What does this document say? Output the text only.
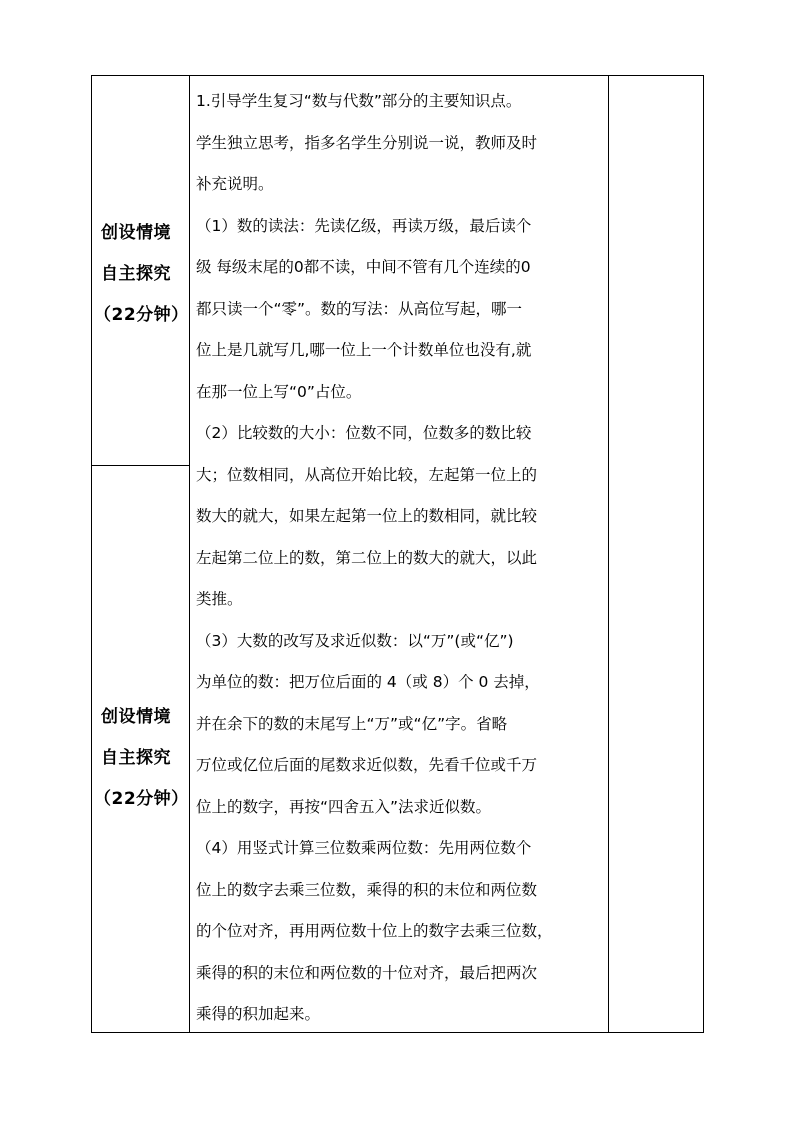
创设情境
自主探究
（22分钟）
创设情境
自主探究
（22分钟）

1.引导学生复习“数与代数”部分的主要知识点。

学生独立思考，指多名学生分别说一说，教师及时

补充说明。

（1）数的读法：先读亿级，再读万级，最后读个

级 每级末尾的0都不读，中间不管有几个连续的0

都只读一个“零”。数的写法：从高位写起，哪一

位上是几就写几,哪一位上一个计数单位也没有,就

在那一位上写“0”占位。

（2）比较数的大小：位数不同，位数多的数比较

大；位数相同，从高位开始比较，左起第一位上的

数大的就大，如果左起第一位上的数相同，就比较

左起第二位上的数，第二位上的数大的就大，以此

类推。

（3）大数的改写及求近似数：以“万”(或“亿”)

为单位的数：把万位后面的 4（或 8）个 0 去掉，

并在余下的数的末尾写上“万”或“亿”字。省略

万位或亿位后面的尾数求近似数，先看千位或千万

位上的数字，再按“四舍五入”法求近似数。

（4）用竖式计算三位数乘两位数：先用两位数个

位上的数字去乘三位数，乘得的积的末位和两位数

的个位对齐，再用两位数十位上的数字去乘三位数，

乘得的积的末位和两位数的十位对齐，最后把两次

乘得的积加起来。
